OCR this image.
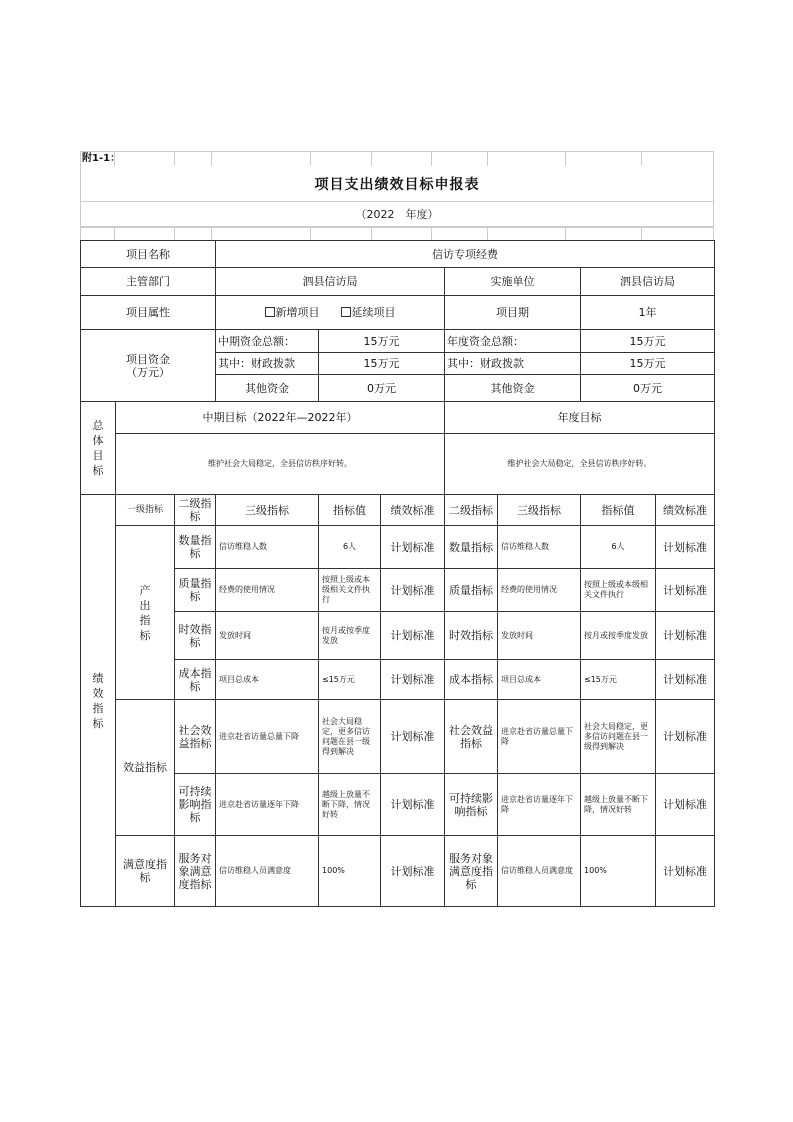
附1-1：
项目支出绩效目标申报表
（2022　年度）
项目名称			信访专项经费						
主管部门			泗县信访局			实施单位		泗县信访局	
项目属性			新增项目 延续项目			项目期		1年	
项目资金
（万元）			中期资金总额：	15万元		年度资金总额：		15万元	
			其中：财政拨款	15万元		其中：财政拨款		15万元	
			其他资金	0万元		其他资金		0万元	
总体目标	中期目标（2022年—2022年）					年度目标			
	维护社会大局稳定，全县信访秩序好转。					维护社会大局稳定，全县信访秩序好转。			
绩效指标	一级指标	二级指标	三级指标	指标值	绩效标准	二级指标	三级指标	指标值	绩效标准
	产出指标	数量指标	信访维稳人数	6人	计划标准	数量指标	信访维稳人数	6人	计划标准
		质量指标	经费的使用情况	按照上级或本级相关文件执行	计划标准	质量指标	经费的使用情况	按照上级或本级相关文件执行	计划标准
		时效指标	发放时间	按月或按季度发放	计划标准	时效指标	发放时间	按月或按季度发放	计划标准
		成本指标	项目总成本	≤15万元	计划标准	成本指标	项目总成本	≤15万元	计划标准
	效益指标	社会效益指标	进京赴省访量总量下降	社会大局稳定，更多信访问题在县一级得到解决	计划标准	社会效益指标	进京赴省访量总量下降	社会大局稳定，更多信访问题在县一级得到解决	计划标准
		可持续影响指标	进京赴省访量逐年下降	越级上放量不断下降，情况好转	计划标准	可持续影响指标	进京赴省访量逐年下降	越级上放量不断下降，情况好转	计划标准
	满意度指标	服务对象满意度指标	信访维稳人员满意度	100%	计划标准	服务对象满意度指标	信访维稳人员满意度	100%	计划标准
